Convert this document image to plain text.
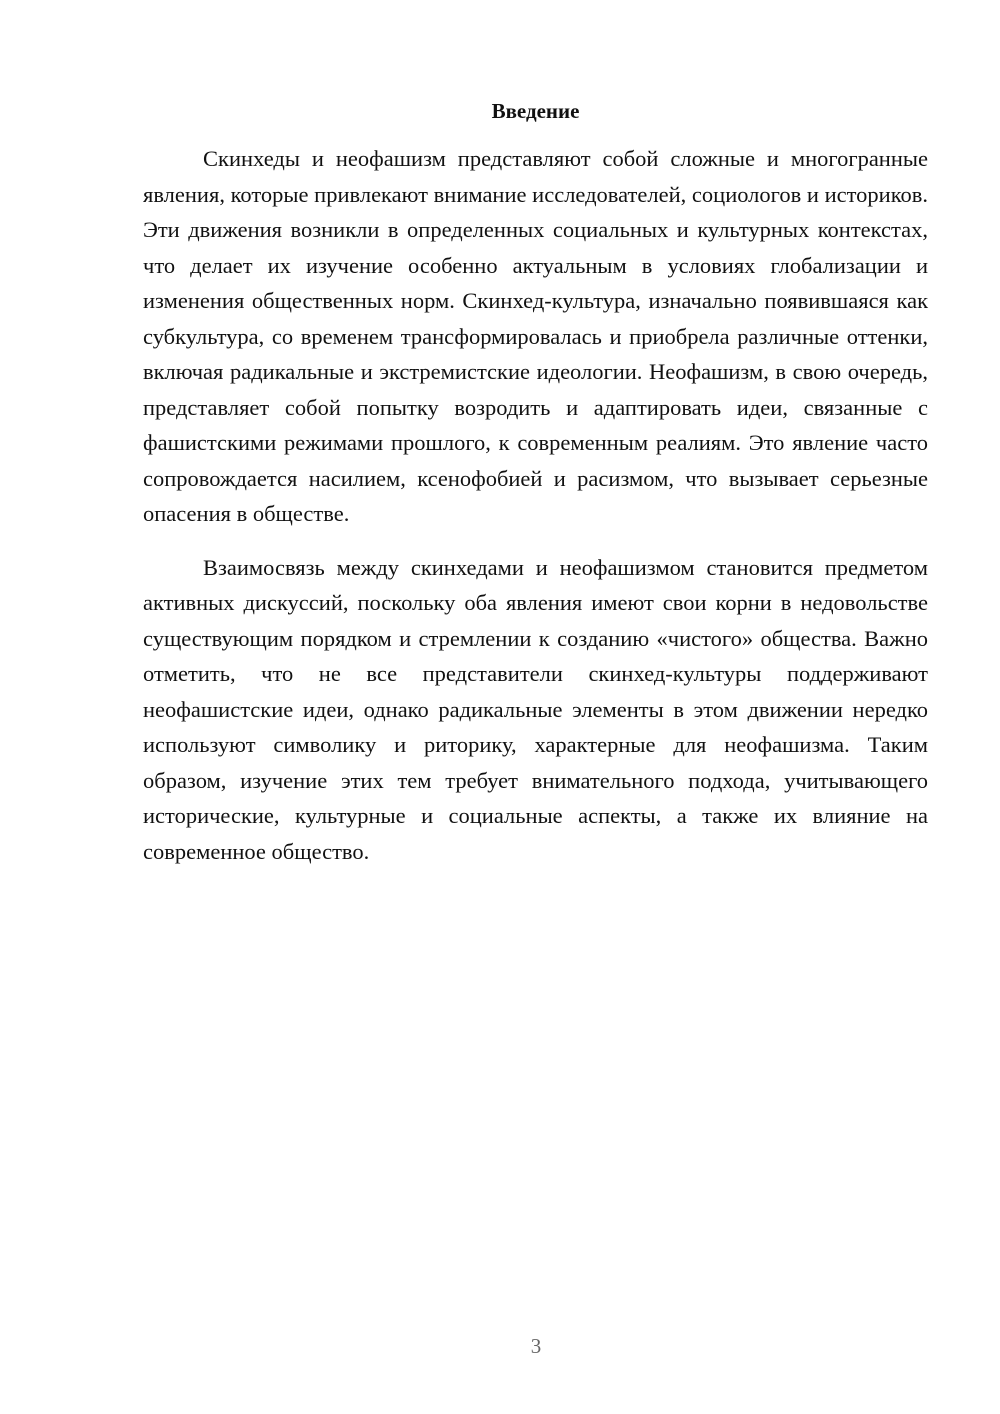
Введение

Скинхеды и неофашизм представляют собой сложные и многогранные явления, которые привлекают внимание исследователей, социологов и историков. Эти движения возникли в определенных социальных и культурных контекстах, что делает их изучение особенно актуальным в условиях глобализации и изменения общественных норм. Скинхед-культура, изначально появившаяся как субкультура, со временем трансформировалась и приобрела различные оттенки, включая радикальные и экстремистские идеологии. Неофашизм, в свою очередь, представляет собой попытку возродить и адаптировать идеи, связанные с фашистскими режимами прошлого, к современным реалиям. Это явление часто сопровождается насилием, ксенофобией и расизмом, что вызывает серьезные опасения в обществе.

Взаимосвязь между скинхедами и неофашизмом становится предметом активных дискуссий, поскольку оба явления имеют свои корни в недовольстве существующим порядком и стремлении к созданию «чистого» общества. Важно отметить, что не все представители скинхед-культуры поддерживают неофашистские идеи, однако радикальные элементы в этом движении нередко используют символику и риторику, характерные для неофашизма. Таким образом, изучение этих тем требует внимательного подхода, учитывающего исторические, культурные и социальные аспекты, а также их влияние на современное общество.

3
